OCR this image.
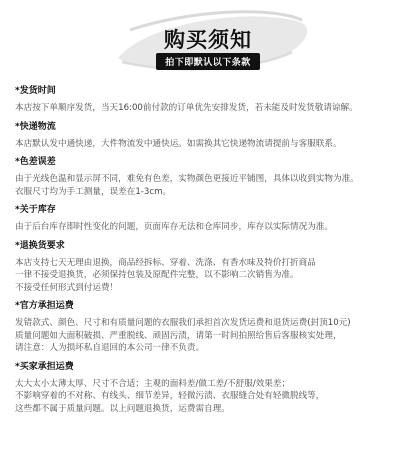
购买须知
拍下即默认以下条款
*发货时间

本店按下单顺序发货，当天16:00前付款的订单优先安排发货，若未能及时发货敬请谅解。

*快递物流

本店默认发中通快递，大件物流发中通快运。如需换其它快递物流请提前与客服联系。

*色差误差

由于光线色温和显示屏不同，难免有色差，实物颜色更接近平铺图，具体以收到实物为准。

衣服尺寸均为手工测量，误差在1-3cm。

*关于库存

由于后台库存即时性变化的问题，页面库存无法和仓库同步，库存以实际情况为准。

*退换货要求

本店支持七天无理由退换，商品经拆标、穿着、洗涤、有香水味及特价打折商品

一律不接受退换货，必须保持包装及原配件完整，以不影响二次销售为准。

不接受任何形式到付运费！

*官方承担运费

发错款式、颜色、尺寸和有质量问题的衣服我们承担首次发货运费和退货运费(封顶10元)

质量问题如大面积破损、严重脱线、顽固污渍，请第一时间拍照给售后客服核实处理，

请注意：人为损坏私自退回的本公司一律不负责。

*买家承担运费

太大太小太薄太厚、尺寸不合适；主观的面料差/做工差/不舒服/效果差；

不影响穿着的不对称、有线头、细节差异，轻微污渍、衣服缝合处有轻微脱线等，

这些都不属于质量问题。以上问题退换货，运费需自理。
